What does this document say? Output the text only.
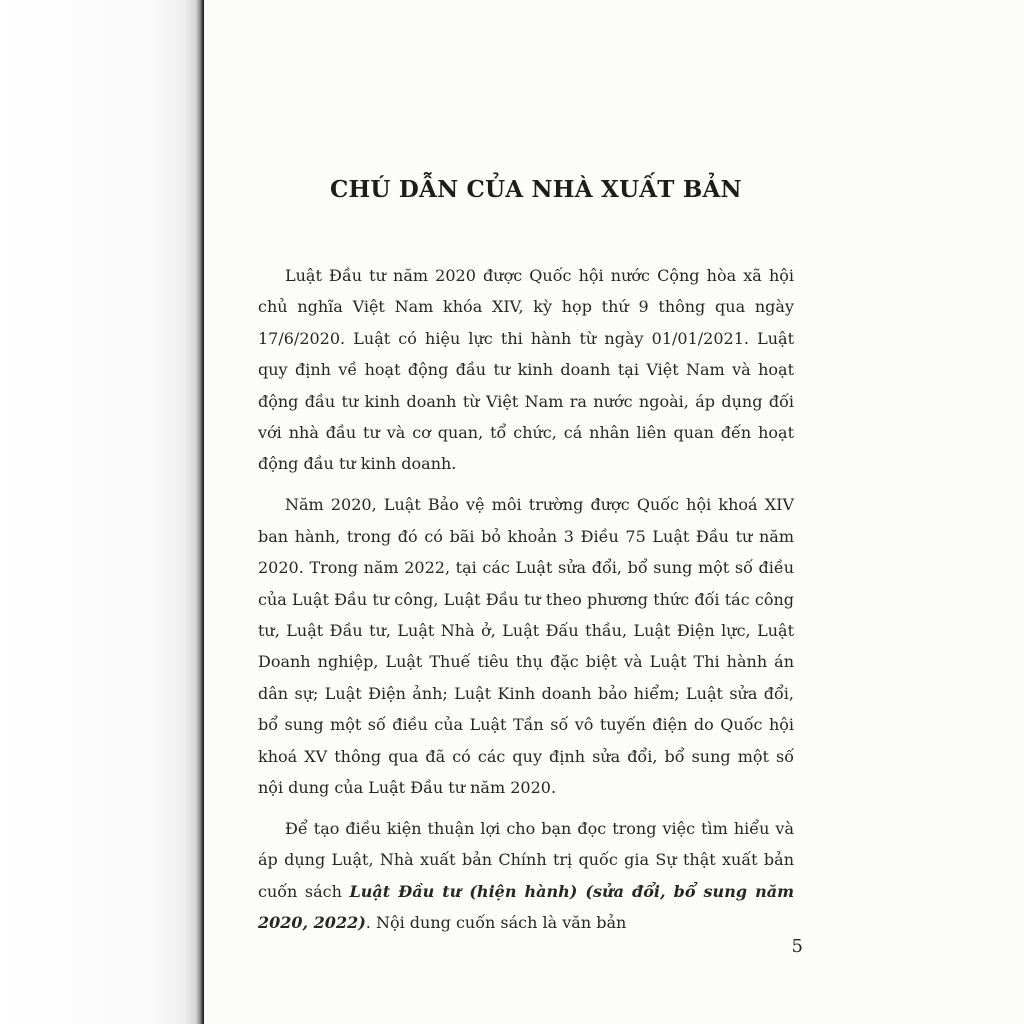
CHÚ DẪN CỦA NHÀ XUẤT BẢN

Luật Đầu tư năm 2020 được Quốc hội nước Cộng hòa xã hội chủ nghĩa Việt Nam khóa XIV, kỳ họp thứ 9 thông qua ngày 17/6/2020. Luật có hiệu lực thi hành từ ngày 01/01/2021. Luật quy định về hoạt động đầu tư kinh doanh tại Việt Nam và hoạt động đầu tư kinh doanh từ Việt Nam ra nước ngoài, áp dụng đối với nhà đầu tư và cơ quan, tổ chức, cá nhân liên quan đến hoạt động đầu tư kinh doanh.

Năm 2020, Luật Bảo vệ môi trường được Quốc hội khoá XIV ban hành, trong đó có bãi bỏ khoản 3 Điều 75 Luật Đầu tư năm 2020. Trong năm 2022, tại các Luật sửa đổi, bổ sung một số điều của Luật Đầu tư công, Luật Đầu tư theo phương thức đối tác công tư, Luật Đầu tư, Luật Nhà ở, Luật Đấu thầu, Luật Điện lực, Luật Doanh nghiệp, Luật Thuế tiêu thụ đặc biệt và Luật Thi hành án dân sự; Luật Điện ảnh; Luật Kinh doanh bảo hiểm; Luật sửa đổi, bổ sung một số điều của Luật Tần số vô tuyến điện do Quốc hội khoá XV thông qua đã có các quy định sửa đổi, bổ sung một số nội dung của Luật Đầu tư năm 2020.

Để tạo điều kiện thuận lợi cho bạn đọc trong việc tìm hiểu và áp dụng Luật, Nhà xuất bản Chính trị quốc gia Sự thật xuất bản cuốn sách Luật Đầu tư (hiện hành) (sửa đổi, bổ sung năm 2020, 2022). Nội dung cuốn sách là văn bản

5
